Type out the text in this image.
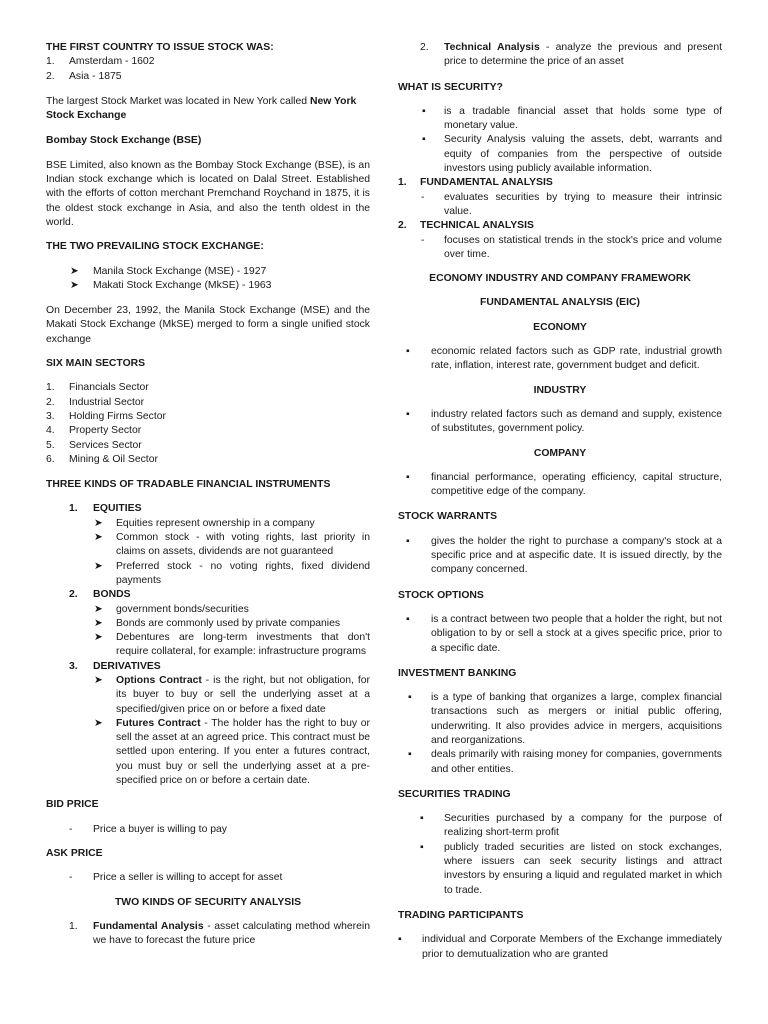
THE FIRST COUNTRY TO ISSUE STOCK WAS:

1. Amsterdam - 1602
2. Asia - 1875

The largest Stock Market was located in New York called New York Stock Exchange

Bombay Stock Exchange (BSE)

BSE Limited, also known as the Bombay Stock Exchange (BSE), is an Indian stock exchange which is located on Dalal Street. Established with the efforts of cotton merchant Premchand Roychand in 1875, it is the oldest stock exchange in Asia, and also the tenth oldest in the world.

THE TWO PREVAILING STOCK EXCHANGE:

➤ Manila Stock Exchange (MSE) - 1927
➤ Makati Stock Exchange (MkSE) - 1963

On December 23, 1992, the Manila Stock Exchange (MSE) and the Makati Stock Exchange (MkSE) merged to form a single unified stock exchange

SIX MAIN SECTORS

1. Financials Sector
2. Industrial Sector
3. Holding Firms Sector
4. Property Sector
5. Services Sector
6. Mining & Oil Sector

THREE KINDS OF TRADABLE FINANCIAL INSTRUMENTS

1. EQUITIES
➤ Equities represent ownership in a company
➤ Common stock - with voting rights, last priority in claims on assets, dividends are not guaranteed
➤ Preferred stock - no voting rights, fixed dividend payments
2. BONDS
➤ government bonds/securities
➤ Bonds are commonly used by private companies
➤ Debentures are long-term investments that don't require collateral, for example: infrastructure programs
3. DERIVATIVES
➤ Options Contract - is the right, but not obligation, for its buyer to buy or sell the underlying asset at a specified/given price on or before a fixed date
➤ Futures Contract - The holder has the right to buy or sell the asset at an agreed price. This contract must be settled upon entering. If you enter a futures contract, you must buy or sell the underlying asset at a pre-specified price on or before a certain date.

BID PRICE

- Price a buyer is willing to pay

ASK PRICE

- Price a seller is willing to accept for asset

TWO KINDS OF SECURITY ANALYSIS

1. Fundamental Analysis - asset calculating method wherein we have to forecast the future price
2. Technical Analysis - analyze the previous and present price to determine the price of an asset

WHAT IS SECURITY?

▪ is a tradable financial asset that holds some type of monetary value.
▪ Security Analysis valuing the assets, debt, warrants and equity of companies from the perspective of outside investors using publicly available information.
1. FUNDAMENTAL ANALYSIS
- evaluates securities by trying to measure their intrinsic value.
2. TECHNICAL ANALYSIS
- focuses on statistical trends in the stock's price and volume over time.

ECONOMY INDUSTRY AND COMPANY FRAMEWORK

FUNDAMENTAL ANALYSIS (EIC)

ECONOMY

▪ economic related factors such as GDP rate, industrial growth rate, inflation, interest rate, government budget and deficit.

INDUSTRY

▪ industry related factors such as demand and supply, existence of substitutes, government policy.

COMPANY

▪ financial performance, operating efficiency, capital structure, competitive edge of the company.

STOCK WARRANTS

▪ gives the holder the right to purchase a company's stock at a specific price and at aspecific date. It is issued directly, by the company concerned.

STOCK OPTIONS

▪ is a contract between two people that a holder the right, but not obligation to by or sell a stock at a gives specific price, prior to a specific date.

INVESTMENT BANKING

▪ is a type of banking that organizes a large, complex financial transactions such as mergers or initial public offering, underwriting. It also provides advice in mergers, acquisitions and reorganizations.
▪ deals primarily with raising money for companies, governments and other entities.

SECURITIES TRADING

▪ Securities purchased by a company for the purpose of realizing short-term profit
▪ publicly traded securities are listed on stock exchanges, where issuers can seek security listings and attract investors by ensuring a liquid and regulated market in which to trade.

TRADING PARTICIPANTS

▪ individual and Corporate Members of the Exchange immediately prior to demutualization who are granted
